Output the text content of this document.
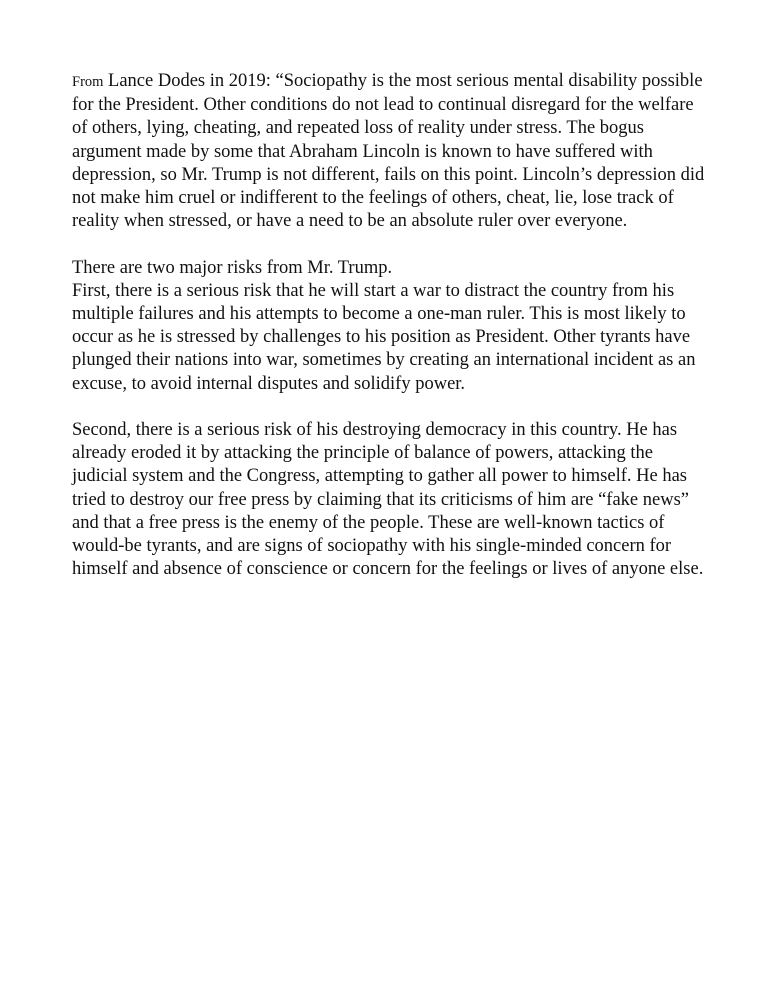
From Lance Dodes in 2019: “Sociopathy is the most serious mental disability possible for the President. Other conditions do not lead to continual disregard for the welfare of others, lying, cheating, and repeated loss of reality under stress. The bogus argument made by some that Abraham Lincoln is known to have suffered with depression, so Mr. Trump is not different, fails on this point. Lincoln’s depression did not make him cruel or indifferent to the feelings of others, cheat, lie, lose track of reality when stressed, or have a need to be an absolute ruler over everyone.

There are two major risks from Mr. Trump.

First, there is a serious risk that he will start a war to distract the country from his multiple failures and his attempts to become a one-man ruler. This is most likely to occur as he is stressed by challenges to his position as President. Other tyrants have plunged their nations into war, sometimes by creating an international incident as an excuse, to avoid internal disputes and solidify power.

Second, there is a serious risk of his destroying democracy in this country. He has already eroded it by attacking the principle of balance of powers, attacking the judicial system and the Congress, attempting to gather all power to himself. He has tried to destroy our free press by claiming that its criticisms of him are “fake news” and that a free press is the enemy of the people. These are well-known tactics of would-be tyrants, and are signs of sociopathy with his single-minded concern for himself and absence of conscience or concern for the feelings or lives of anyone else.
